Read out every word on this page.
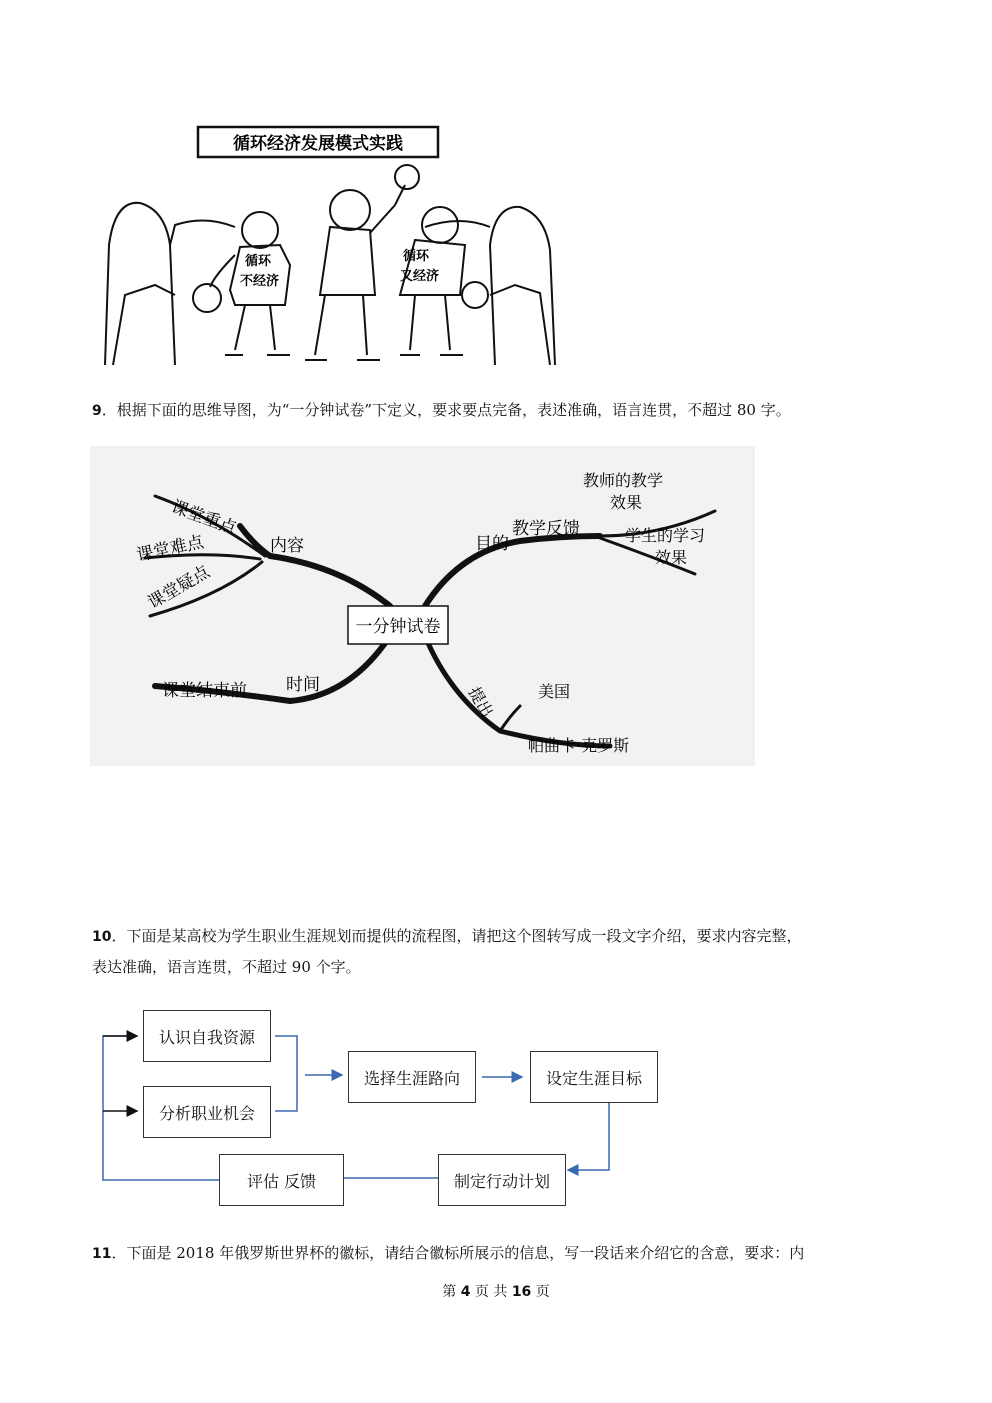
循环经济发展模式实践
循环
不经济
循环
又经济
9．根据下面的思维导图，为“一分钟试卷”下定义，要求要点完备，表述准确，语言连贯，不超过 80 字。
一分钟试卷
内容
课堂重点
课堂难点
课堂疑点
目的
教学反馈
教师的教学
效果
学生的学习
效果
时间
课堂结束前	提出	美国
帕曲卡·克罗斯
10．下面是某高校为学生职业生涯规划而提供的流程图，请把这个图转写成一段文字介绍，要求内容完整，
表达准确，语言连贯，不超过 90 个字。
认识自我资源
分析职业机会
选择生涯路向	设定生涯目标
制定行动计划
评估 反馈
11．下面是 2018 年俄罗斯世界杯的徽标，请结合徽标所展示的信息，写一段话来介绍它的含意，要求：内
第 4 页 共 16 页
